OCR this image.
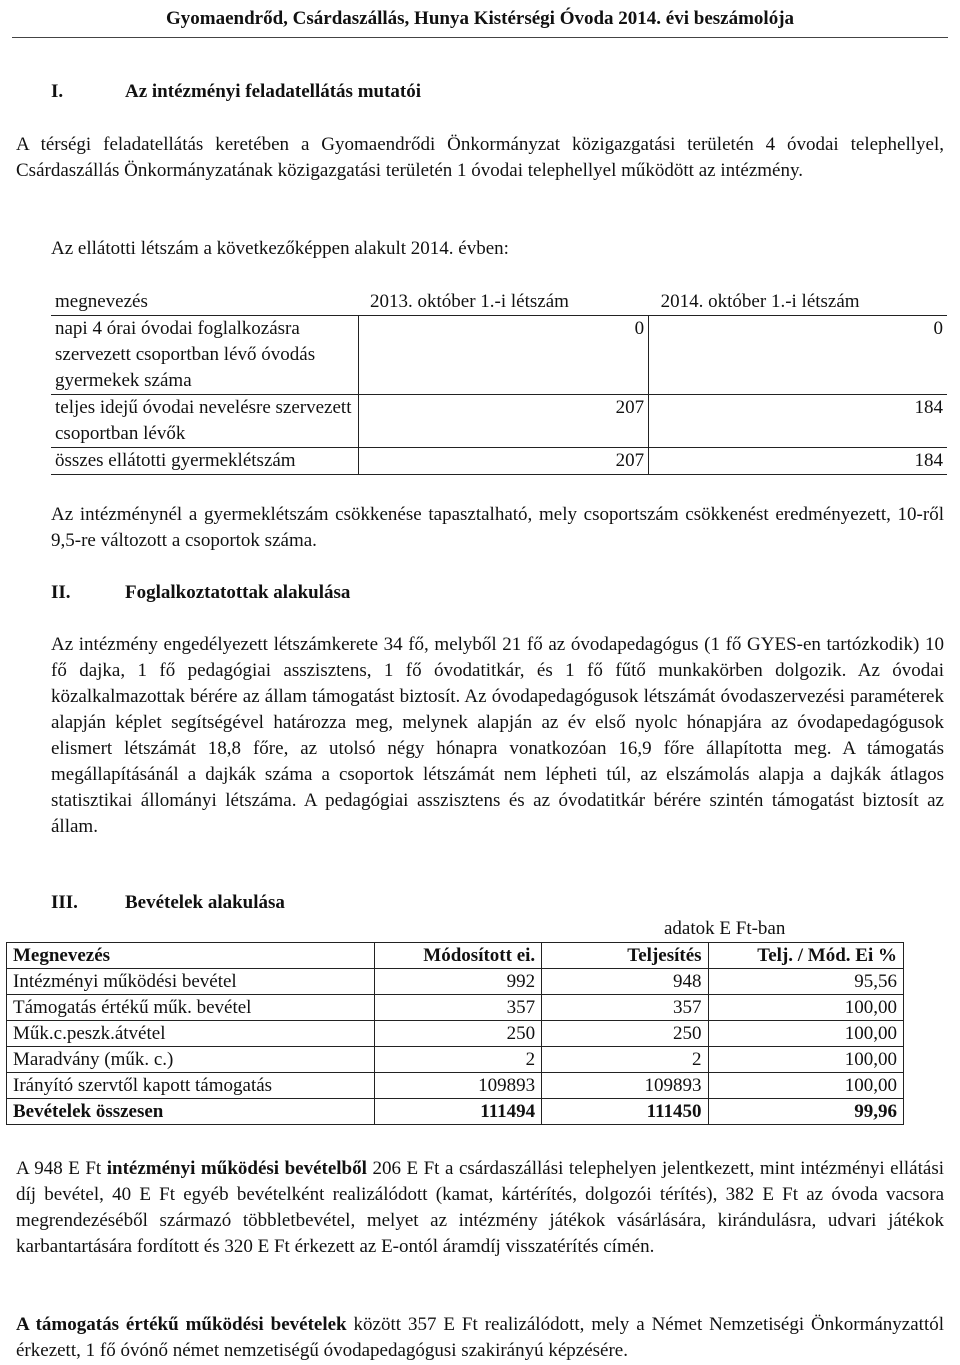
Gyomaendrőd, Csárdaszállás, Hunya Kistérségi Óvoda 2014. évi beszámolója
I.	Az intézményi feladatellátás mutatói
A térségi feladatellátás keretében a Gyomaendrődi Önkormányzat közigazgatási területén 4 óvodai telephellyel, Csárdaszállás Önkormányzatának közigazgatási területén 1 óvodai telephellyel működött az intézmény.
Az ellátotti létszám a következőképpen alakult 2014. évben:
megnevezés	2013. október 1.-i létszám	2014. október 1.-i létszám
napi 4 órai óvodai foglalkozásra szervezett csoportban lévő óvodás gyermekek száma	0	0
teljes idejű óvodai nevelésre szervezett csoportban lévők	207	184
összes ellátotti gyermeklétszám	207	184
Az intézménynél a gyermeklétszám csökkenése tapasztalható, mely csoportszám csökkenést eredményezett, 10-ről 9,5-re változott a csoportok száma.
II.	Foglalkoztatottak alakulása
Az intézmény engedélyezett létszámkerete 34 fő, melyből 21 fő az óvodapedagógus (1 fő GYES-en tartózkodik) 10 fő dajka, 1 fő pedagógiai asszisztens, 1 fő óvodatitkár, és 1 fő fűtő munkakörben dolgozik. Az óvodai közalkalmazottak bérére az állam támogatást biztosít. Az óvodapedagógusok létszámát óvodaszervezési paraméterek alapján képlet segítségével határozza meg, melynek alapján az év első nyolc hónapjára az óvodapedagógusok elismert létszámát 18,8 főre, az utolsó négy hónapra vonatkozóan 16,9 főre állapította meg. A támogatás megállapításánál a dajkák száma a csoportok létszámát nem lépheti túl, az elszámolás alapja a dajkák átlagos statisztikai állományi létszáma. A pedagógiai asszisztens és az óvodatitkár bérére szintén támogatást biztosít az állam.
III. Bevételek alakulása
adatok E Ft-ban
Megnevezés	Módosított ei.	Teljesítés	Telj. / Mód. Ei %
Intézményi működési bevétel	992	948	95,56
Támogatás értékű műk. bevétel	357	357	100,00
Műk.c.peszk.átvétel	250	250	100,00
Maradvány (műk. c.)	2	2	100,00
Irányító szervtől kapott támogatás	109893	109893	100,00
Bevételek összesen	111494	111450	99,96
A 948 E Ft intézményi működési bevételből 206 E Ft a csárdaszállási telephelyen jelentkezett, mint intézményi ellátási díj bevétel, 40 E Ft egyéb bevételként realizálódott (kamat, kártérítés, dolgozói térítés), 382 E Ft az óvoda vacsora megrendezéséből származó többletbevétel, melyet az intézmény játékok vásárlására, kirándulásra, udvari játékok karbantartására fordított és 320 E Ft érkezett az E-ontól áramdíj visszatérítés címén.
A támogatás értékű működési bevételek között 357 E Ft realizálódott, mely a Német Nemzetiségi Önkormányzattól érkezett, 1 fő óvónő német nemzetiségű óvodapedagógusi szakirányú képzésére.
